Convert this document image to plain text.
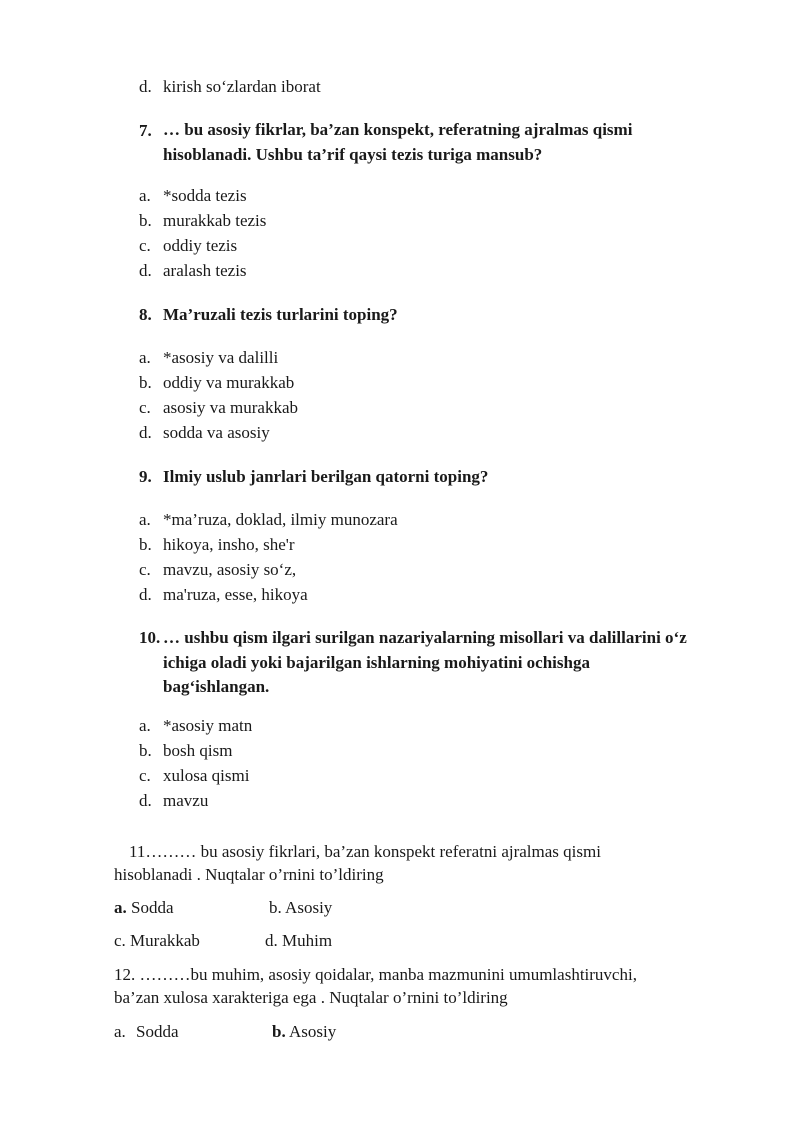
d. kirish so‘zlardan iborat
7. … bu asosiy fikrlar, ba’zan konspekt, referatning ajralmas qismi
hisoblanadi. Ushbu ta’rif qaysi tezis turiga mansub?
a. *sodda tezis
b. murakkab tezis
c. oddiy tezis
d. aralash tezis
8. Ma’ruzali tezis turlarini toping?
a. *asosiy va dalilli
b. oddiy va murakkab
c. asosiy va murakkab
d. sodda va asosiy
9. Ilmiy uslub janrlari berilgan qatorni toping?
a. *ma’ruza, doklad, ilmiy munozara
b. hikoya, insho, she'r
c. mavzu, asosiy so‘z,
d. ma'ruza, esse, hikoya
10. … ushbu qism ilgari surilgan nazariyalarning misollari va dalillarini o‘z
ichiga oladi yoki bajarilgan ishlarning mohiyatini ochishga
bag‘ishlangan.
a. *asosiy matn
b. bosh qism
c. xulosa qismi
d. mavzu
11……… bu asosiy fikrlari, ba’zan konspekt referatni ajralmas qismi
hisoblanadi . Nuqtalar o’rnini to’ldiring
a. Sodda	b. Asosiy
c. Murakkab	d. Muhim
12. ………bu muhim, asosiy qoidalar, manba mazmunini umumlashtiruvchi,
ba’zan xulosa xarakteriga ega . Nuqtalar o’rnini to’ldiring
a. Sodda	b. Asosiy
